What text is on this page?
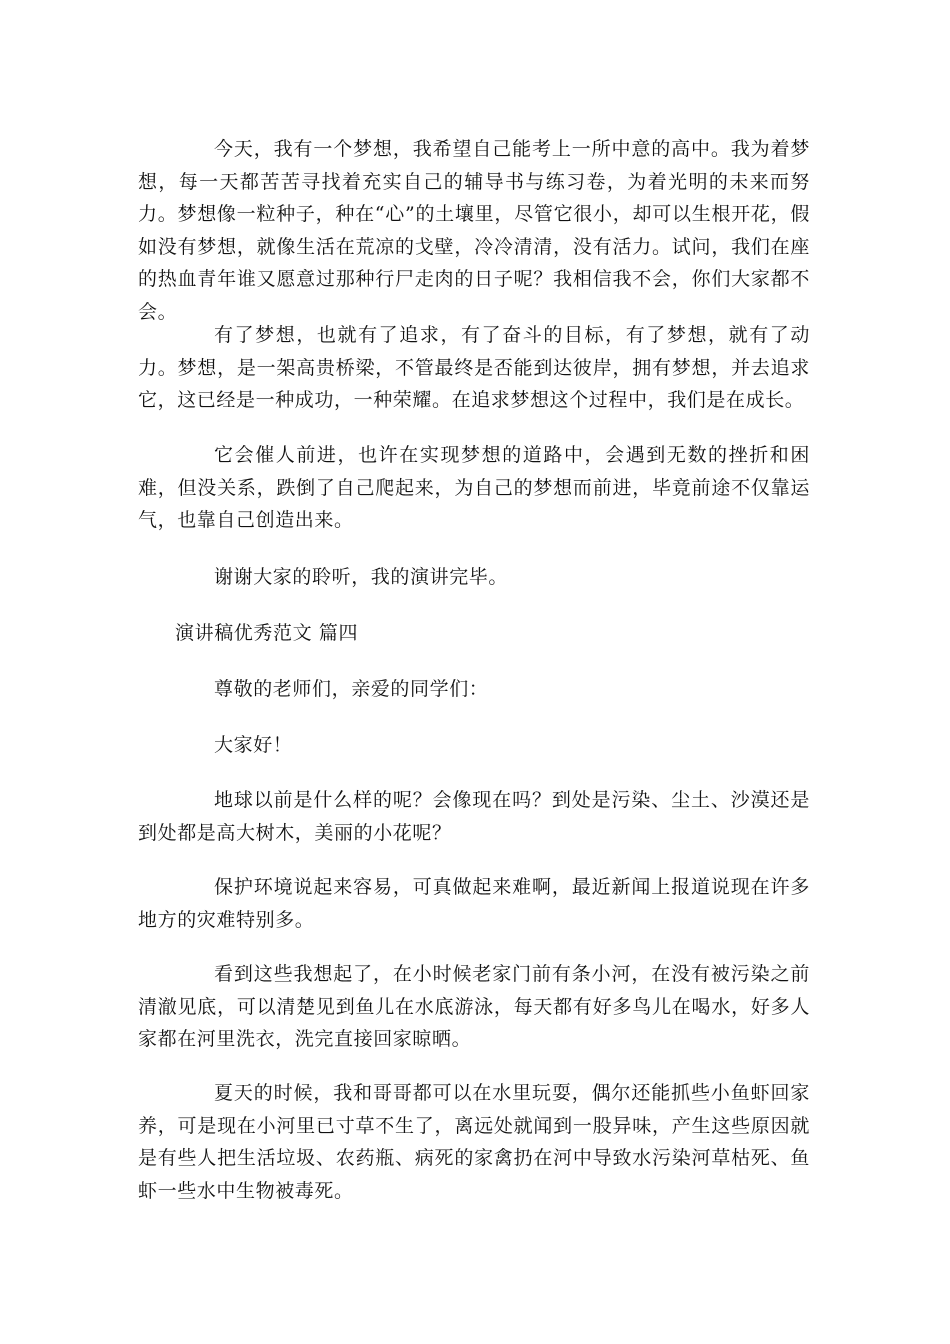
今天，我有一个梦想，我希望自己能考上一所中意的高中。我为着梦想，每一天都苦苦寻找着充实自己的辅导书与练习卷，为着光明的未来而努力。梦想像一粒种子，种在“心”的土壤里，尽管它很小，却可以生根开花，假如没有梦想，就像生活在荒凉的戈壁，冷冷清清，没有活力。试问，我们在座的热血青年谁又愿意过那种行尸走肉的日子呢？我相信我不会，你们大家都不会。

有了梦想，也就有了追求，有了奋斗的目标，有了梦想，就有了动力。梦想，是一架高贵桥梁，不管最终是否能到达彼岸，拥有梦想，并去追求它，这已经是一种成功，一种荣耀。在追求梦想这个过程中，我们是在成长。

它会催人前进，也许在实现梦想的道路中，会遇到无数的挫折和困难，但没关系，跌倒了自己爬起来，为自己的梦想而前进，毕竟前途不仅靠运气，也靠自己创造出来。

谢谢大家的聆听，我的演讲完毕。

演讲稿优秀范文 篇四

尊敬的老师们，亲爱的同学们：

大家好！

地球以前是什么样的呢？会像现在吗？到处是污染、尘土、沙漠还是到处都是高大树木，美丽的小花呢？

保护环境说起来容易，可真做起来难啊，最近新闻上报道说现在许多地方的灾难特别多。

看到这些我想起了，在小时候老家门前有条小河，在没有被污染之前清澈见底，可以清楚见到鱼儿在水底游泳，每天都有好多鸟儿在喝水，好多人家都在河里洗衣，洗完直接回家晾晒。

夏天的时候，我和哥哥都可以在水里玩耍，偶尔还能抓些小鱼虾回家养，可是现在小河里已寸草不生了，离远处就闻到一股异味，产生这些原因就是有些人把生活垃圾、农药瓶、病死的家禽扔在河中导致水污染河草枯死、鱼虾一些水中生物被毒死。
